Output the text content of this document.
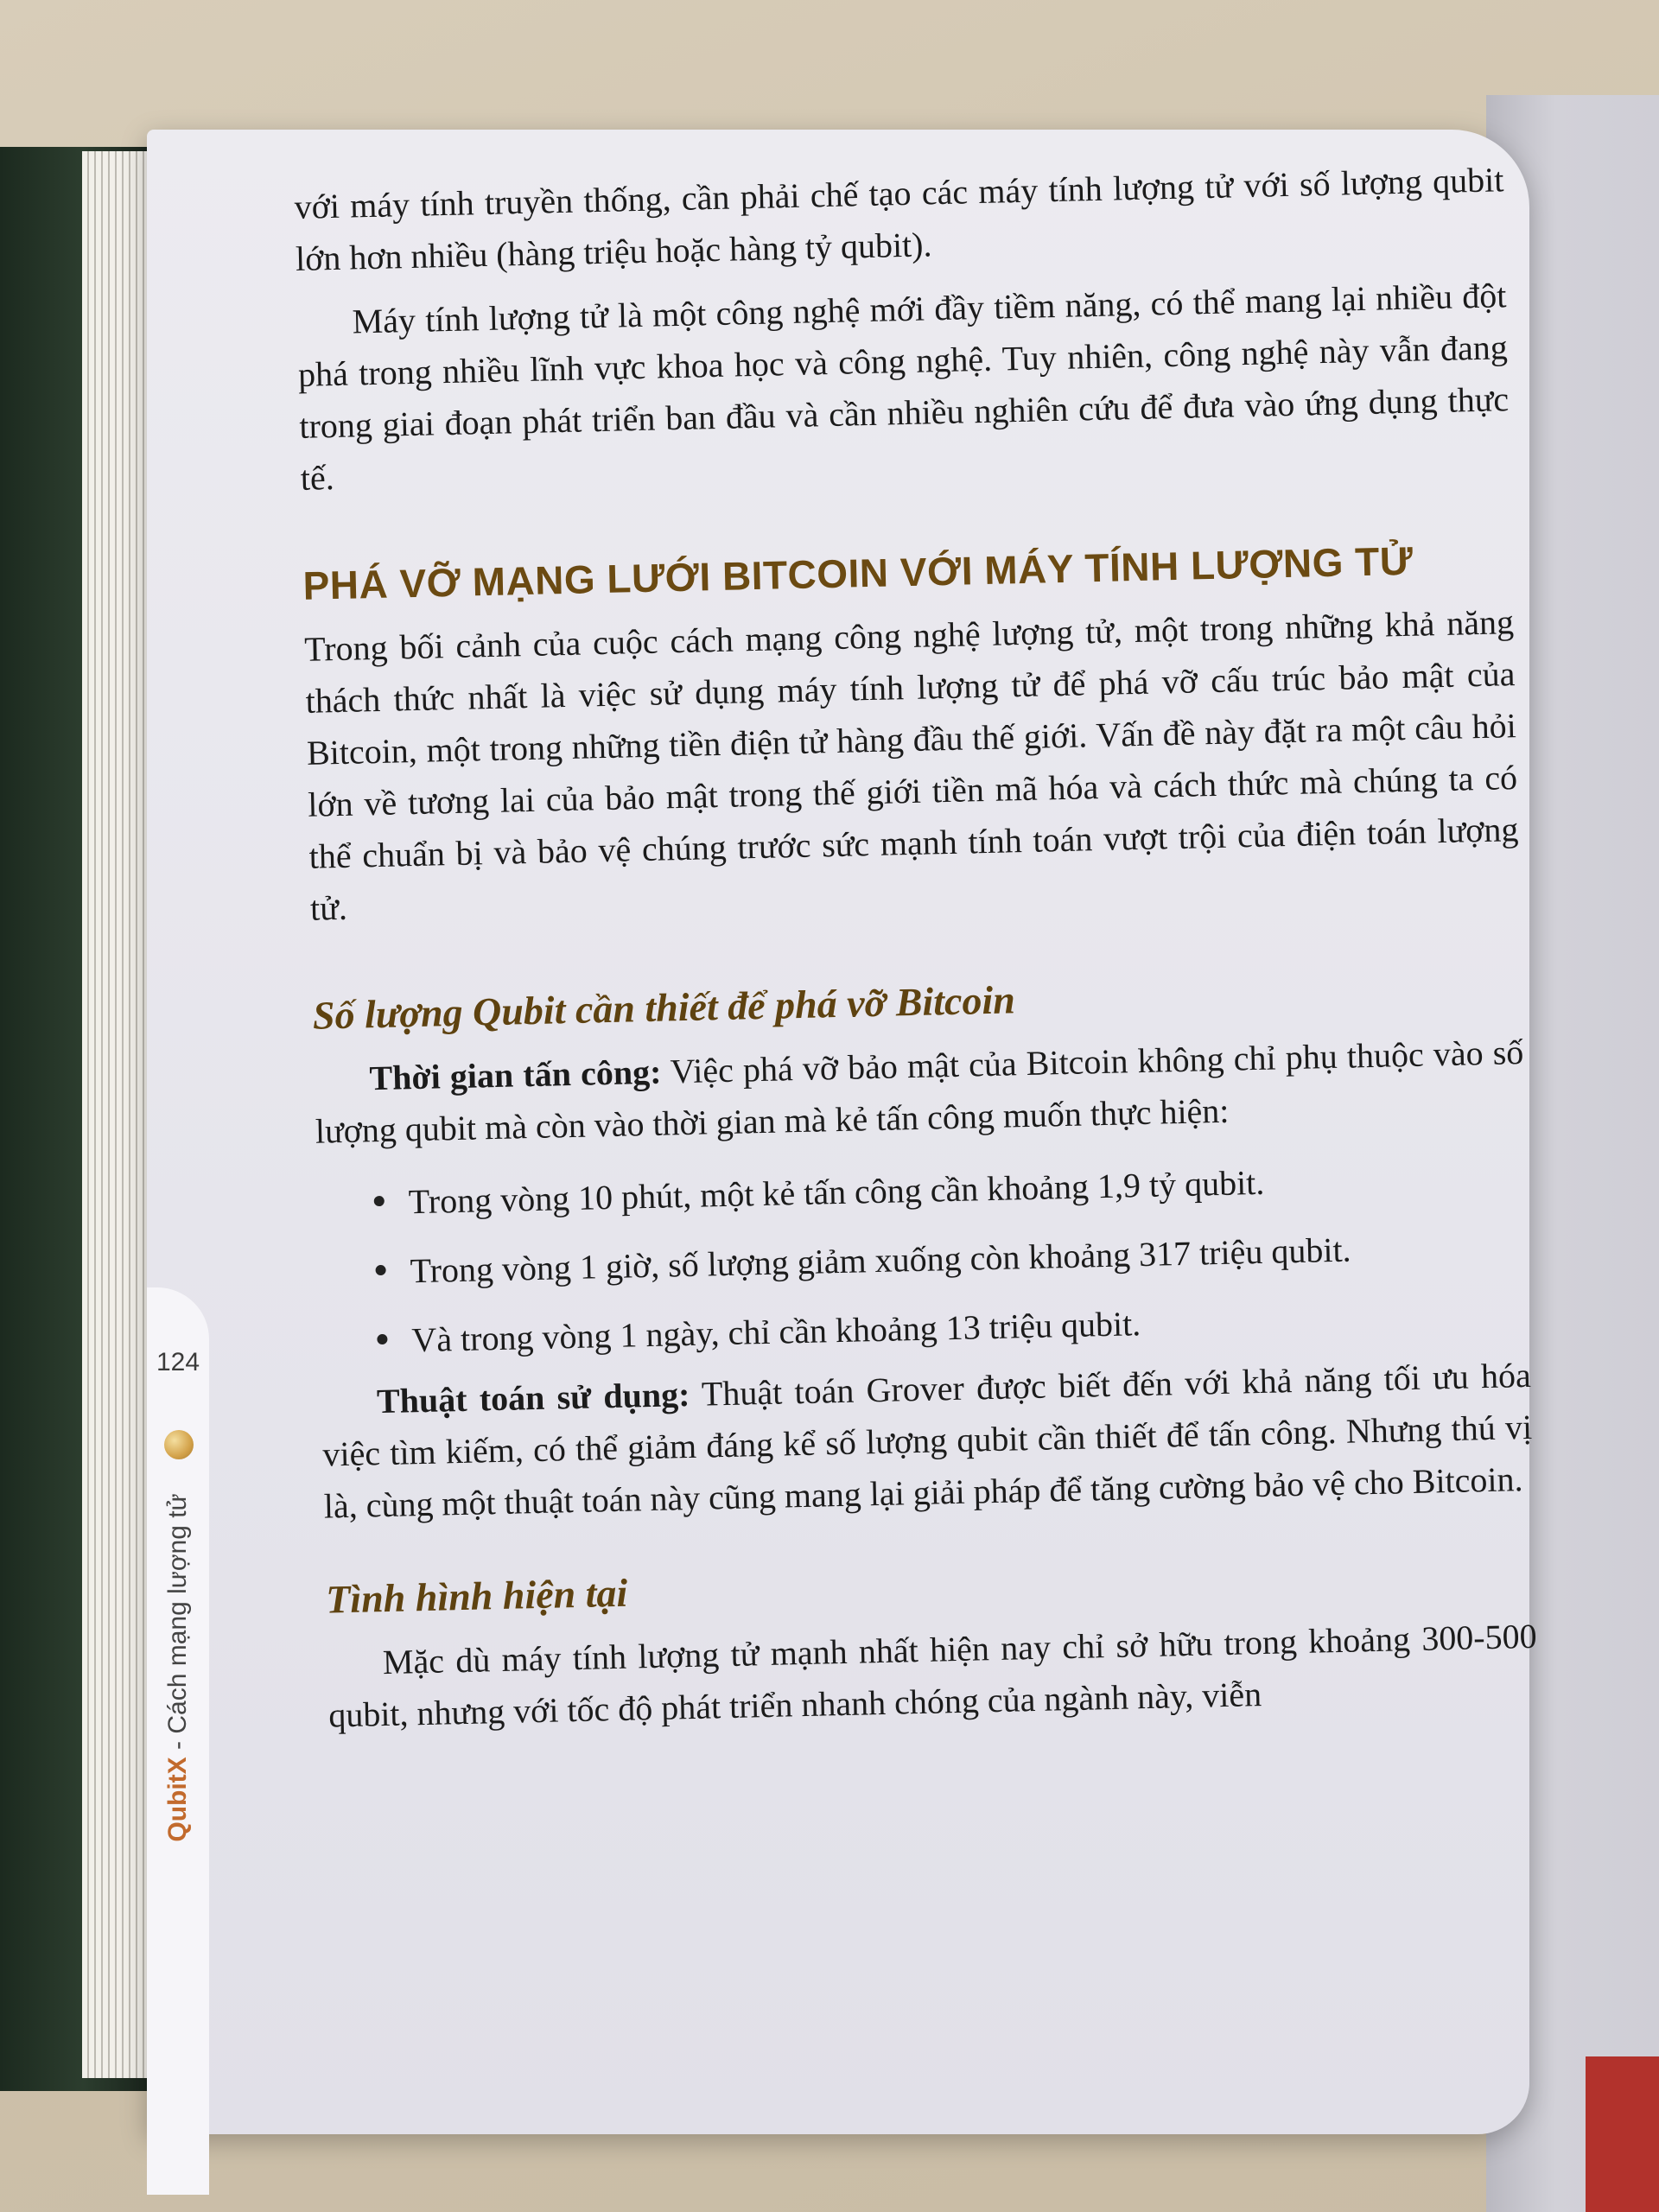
124
QubitX - Cách mạng lượng tử

với máy tính truyền thống, cần phải chế tạo các máy tính lượng tử với số lượng qubit lớn hơn nhiều (hàng triệu hoặc hàng tỷ qubit).

Máy tính lượng tử là một công nghệ mới đầy tiềm năng, có thể mang lại nhiều đột phá trong nhiều lĩnh vực khoa học và công nghệ. Tuy nhiên, công nghệ này vẫn đang trong giai đoạn phát triển ban đầu và cần nhiều nghiên cứu để đưa vào ứng dụng thực tế.

PHÁ VỠ MẠNG LƯỚI BITCOIN VỚI MÁY TÍNH LƯỢNG TỬ

Trong bối cảnh của cuộc cách mạng công nghệ lượng tử, một trong những khả năng thách thức nhất là việc sử dụng máy tính lượng tử để phá vỡ cấu trúc bảo mật của Bitcoin, một trong những tiền điện tử hàng đầu thế giới. Vấn đề này đặt ra một câu hỏi lớn về tương lai của bảo mật trong thế giới tiền mã hóa và cách thức mà chúng ta có thể chuẩn bị và bảo vệ chúng trước sức mạnh tính toán vượt trội của điện toán lượng tử.

Số lượng Qubit cần thiết để phá vỡ Bitcoin

Thời gian tấn công: Việc phá vỡ bảo mật của Bitcoin không chỉ phụ thuộc vào số lượng qubit mà còn vào thời gian mà kẻ tấn công muốn thực hiện:

Trong vòng 10 phút, một kẻ tấn công cần khoảng 1,9 tỷ qubit.
Trong vòng 1 giờ, số lượng giảm xuống còn khoảng 317 triệu qubit.
Và trong vòng 1 ngày, chỉ cần khoảng 13 triệu qubit.

Thuật toán sử dụng: Thuật toán Grover được biết đến với khả năng tối ưu hóa việc tìm kiếm, có thể giảm đáng kể số lượng qubit cần thiết để tấn công. Nhưng thú vị là, cùng một thuật toán này cũng mang lại giải pháp để tăng cường bảo vệ cho Bitcoin.

Tình hình hiện tại

Mặc dù máy tính lượng tử mạnh nhất hiện nay chỉ sở hữu trong khoảng 300-500 qubit, nhưng với tốc độ phát triển nhanh chóng của ngành này, viễn
